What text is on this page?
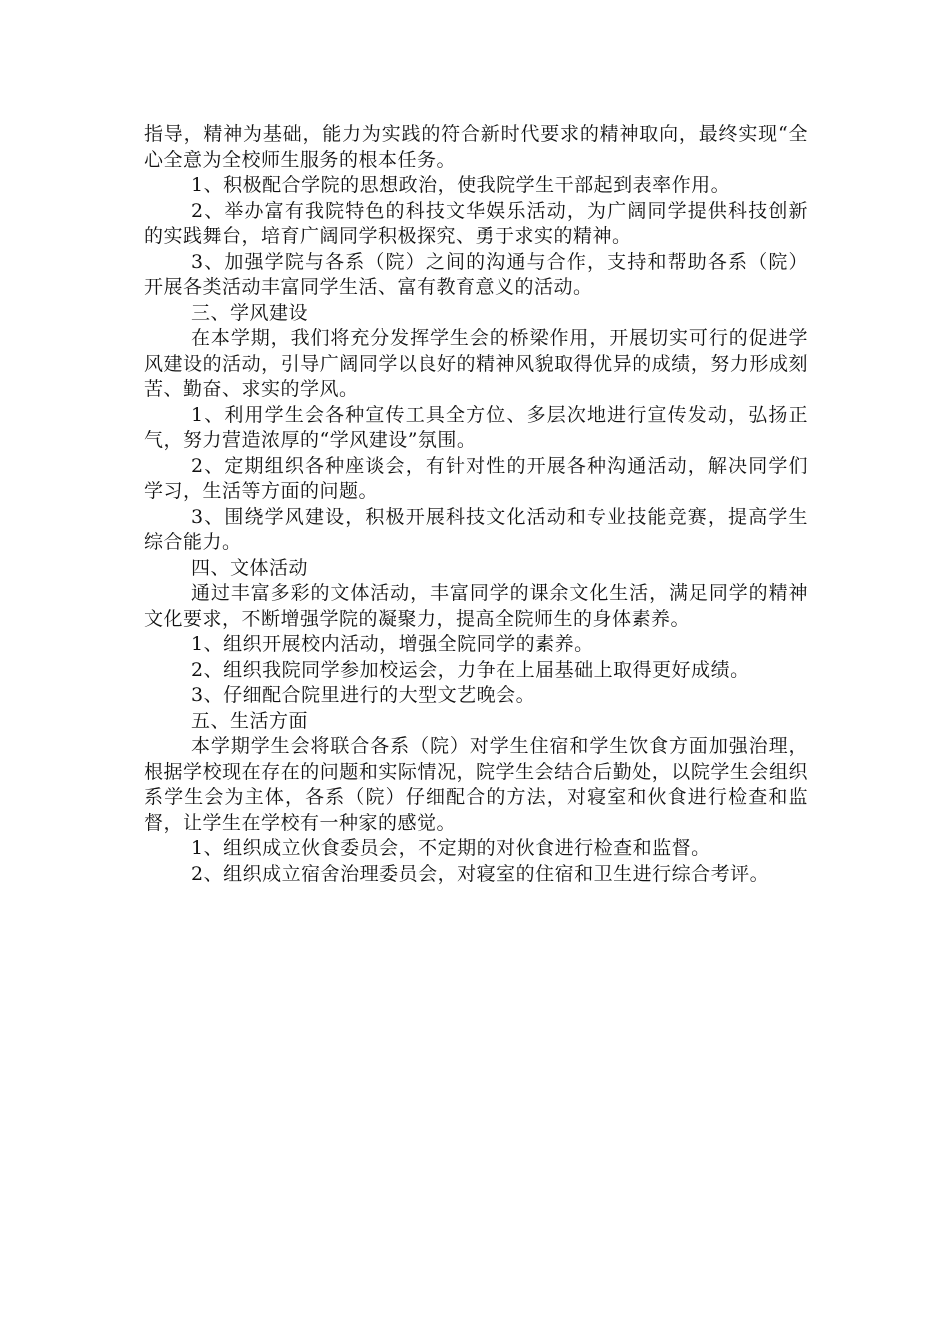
指导，精神为基础，能力为实践的符合新时代要求的精神取向，最终实现“全心全意为全校师生服务的根本任务。

1、积极配合学院的思想政治，使我院学生干部起到表率作用。

2、举办富有我院特色的科技文华娱乐活动，为广阔同学提供科技创新的实践舞台，培育广阔同学积极探究、勇于求实的精神。

3、加强学院与各系（院）之间的沟通与合作，支持和帮助各系（院）开展各类活动丰富同学生活、富有教育意义的活动。

三、学风建设

在本学期，我们将充分发挥学生会的桥梁作用，开展切实可行的促进学风建设的活动，引导广阔同学以良好的精神风貌取得优异的成绩，努力形成刻苦、勤奋、求实的学风。

1、利用学生会各种宣传工具全方位、多层次地进行宣传发动，弘扬正气，努力营造浓厚的“学风建设”氛围。

2、定期组织各种座谈会，有针对性的开展各种沟通活动，解决同学们学习，生活等方面的问题。

3、围绕学风建设，积极开展科技文化活动和专业技能竞赛，提高学生综合能力。

四、文体活动

通过丰富多彩的文体活动，丰富同学的课余文化生活，满足同学的精神文化要求，不断增强学院的凝聚力，提高全院师生的身体素养。

1、组织开展校内活动，增强全院同学的素养。

2、组织我院同学参加校运会，力争在上届基础上取得更好成绩。

3、仔细配合院里进行的大型文艺晚会。

五、生活方面

本学期学生会将联合各系（院）对学生住宿和学生饮食方面加强治理，根据学校现在存在的问题和实际情况，院学生会结合后勤处，以院学生会组织系学生会为主体，各系（院）仔细配合的方法，对寝室和伙食进行检查和监督，让学生在学校有一种家的感觉。

1、组织成立伙食委员会，不定期的对伙食进行检查和监督。

2、组织成立宿舍治理委员会，对寝室的住宿和卫生进行综合考评。
